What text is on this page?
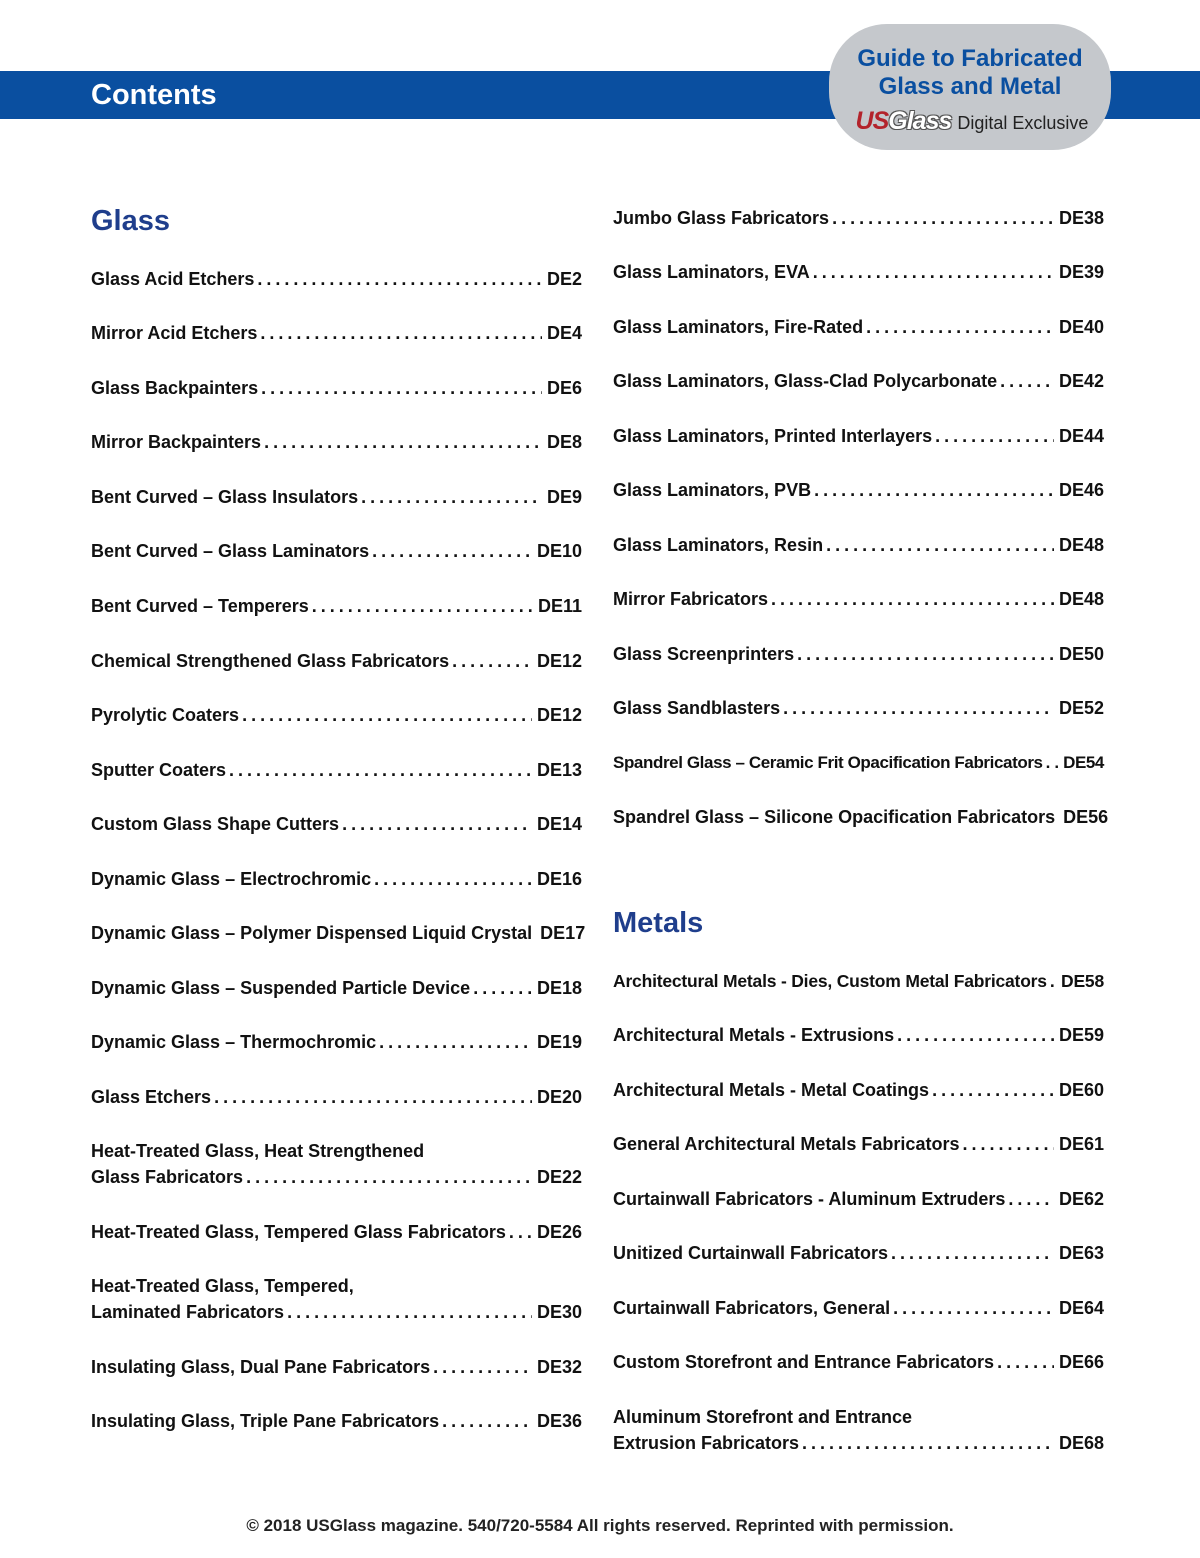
Contents
Guide to Fabricated
Glass and Metal
USGlass Digital Exclusive
Glass
Metals
Glass Acid Etchers .....	DE2
Mirror Acid Etchers .....	DE4
Glass Backpainters .....	DE6
Mirror Backpainters .....	DE8
Bent Curved – Glass Insulators .....	DE9
Bent Curved – Glass Laminators .....	DE10
Bent Curved – Temperers .....	DE11
Chemical Strengthened Glass Fabricators .....	DE12
Pyrolytic Coaters .....	DE12
Sputter Coaters .....	DE13
Custom Glass Shape Cutters .....	DE14
Dynamic Glass – Electrochromic .....	DE16
Dynamic Glass – Polymer Dispensed Liquid Crystal DE17
Dynamic Glass – Suspended Particle Device .....	DE18
Dynamic Glass – Thermochromic .....	DE19
Glass Etchers .....	DE20
Heat-Treated Glass, Heat Strengthened
Glass Fabricators .....	DE22
Heat-Treated Glass, Tempered Glass Fabricators ..... DE26
Heat-Treated Glass, Tempered,
Laminated Fabricators .....	DE30
Insulating Glass, Dual Pane Fabricators .....	DE32
Insulating Glass, Triple Pane Fabricators .....	DE36
Jumbo Glass Fabricators .....	DE38
Glass Laminators, EVA .....	DE39
Glass Laminators, Fire-Rated .....	DE40
Glass Laminators, Glass-Clad Polycarbonate .....	DE42
Glass Laminators, Printed Interlayers .....	DE44
Glass Laminators, PVB .....	DE46
Glass Laminators, Resin .....	DE48
Mirror Fabricators .....	DE48
Glass Screenprinters .....	DE50
Glass Sandblasters .....	DE52
Spandrel Glass – Ceramic Frit Opacification Fabricators ..... DE54
Spandrel Glass – Silicone Opacification Fabricators DE56
Architectural Metals - Dies, Custom Metal Fabricators ..... DE58
Architectural Metals - Extrusions .....	DE59
Architectural Metals - Metal Coatings .....	DE60
General Architectural Metals Fabricators .....	DE61
Curtainwall Fabricators - Aluminum Extruders .....	DE62
Unitized Curtainwall Fabricators .....	DE63
Curtainwall Fabricators, General .....	DE64
Custom Storefront and Entrance Fabricators .....	DE66
Aluminum Storefront and Entrance
Extrusion Fabricators .....	DE68
© 2018 USGlass magazine. 540/720-5584 All rights reserved. Reprinted with permission.
